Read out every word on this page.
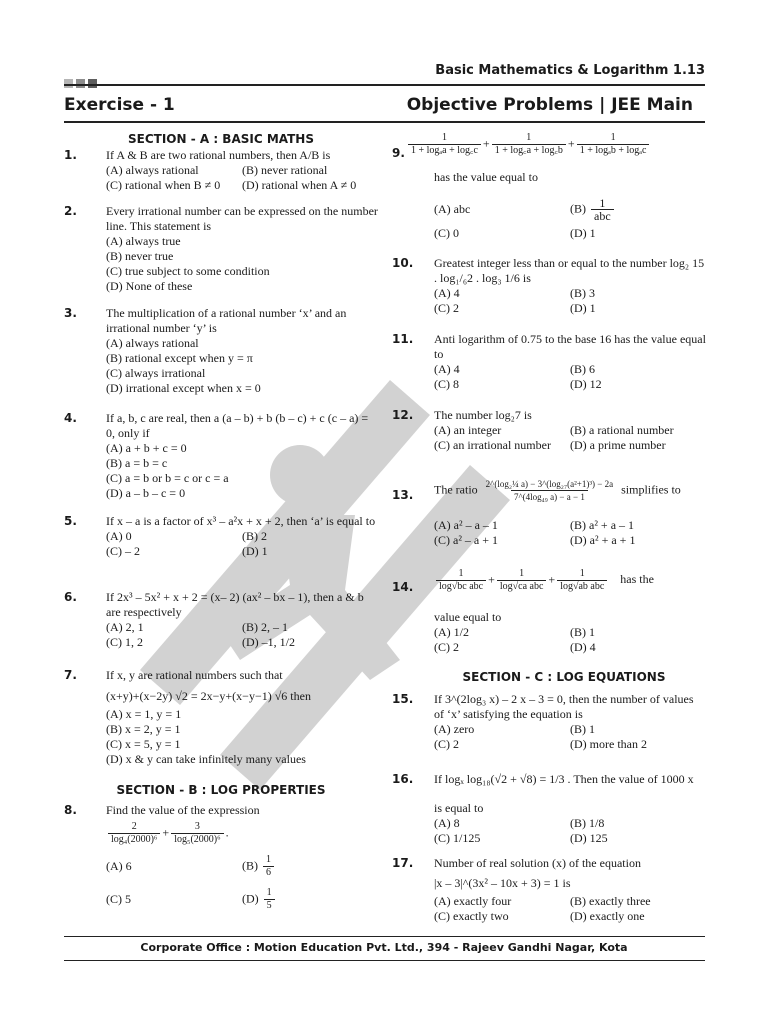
Basic Mathematics & Logarithm 1.13
Exercise - 1	Objective Problems | JEE Main
SECTION - A : BASIC MATHS
1.	If A & B are two rational numbers, then A/B is
(A) always rational	(B) never rational
(C) rational when B ≠ 0	(D) rational when A ≠ 0
2.	Every irrational number can be expressed on the number line. This statement is
(A) always true
(B) never true
(C) true subject to some condition
(D) None of these
3.	The multiplication of a rational number ‘x’ and an irrational number ‘y’ is
(A) always rational
(B) rational except when y = π
(C) always irrational
(D) irrational except when x = 0
4.	If a, b, c are real, then a (a – b) + b (b – c) + c (c – a) = 0, only if
(A) a + b + c = 0
(B) a = b = c
(C) a = b or b = c or c = a
(D) a – b – c = 0
5.	If x – a is a factor of x³ – a²x + x + 2, then ‘a’ is equal to
(A) 0	(B) 2
(C) – 2	(D) 1
6.	If 2x³ – 5x² + x + 2 = (x– 2) (ax² – bx – 1), then a & b are respectively
(A) 2, 1	(B) 2, – 1
(C) 1, 2	(D) –1, 1/2
7.	If x, y are rational numbers such that
(x+y)+(x−2y) √2 = 2x−y+(x−y−1) √6 then
(A) x = 1, y = 1
(B) x = 2, y = 1
(C) x = 5, y = 1
(D) x & y can take infinitely many values
SECTION - B : LOG PROPERTIES
8.	Find the value of the expression
$\frac{2}{\text{log₄(2000)⁶}} + \frac{3}{\text{log₅(2000)⁶}}$ .
(A) 6	$(B) \frac{1}{6}$
(C) 5	$(D) \frac{1}{5}$
9. $\frac{1}{\text{1 + logₐa + log꜀c}} + \frac{1}{1 + \log꜀a + \log꜀b} + \frac{1}{\text{1 + logₐb + logₐc}}$
has the value equal to
(A) abc	$(B) \frac{1}{\text{abc}}$
(C) 0	(D) 1
10.	Greatest integer less than or equal to the number log₂ 15 . log₁/₆2 . log₃ 1/6 is
(A) 4	(B) 3
(C) 2	(D) 1
11.	Anti logarithm of 0.75 to the base 16 has the value equal to
(A) 4	(B) 6
(C) 8	(D) 12
12.	The number log₂7 is
(A) an integer	(B) a rational number
(C) an irrational number	(D) a prime number
13.	The ratio $\frac{\text{2\textasciicircum{}(log₂¼ a) − 3\textasciicircum{}(log₂₇(a²+1)³) − 2a}}{\text{7\textasciicircum{}(4log₄₉ a) − a − 1}}$ simplifies to
(A) a² – a – 1	(B) a² + a – 1
(C) a² – a + 1	(D) a² + a + 1
14.	$\frac{1}{\text{log√bc abc}} + \frac{1}{\text{log√ca abc}} + \frac{1}{\text{log√ab abc}}$ has the
value equal to
(A) 1/2	(B) 1
(C) 2	(D) 4
SECTION - C : LOG EQUATIONS
15.	If 3^(2log₃ x) – 2 x – 3 = 0, then the number of values of ‘x’ satisfying the equation is
(A) zero	(B) 1
(C) 2	(D) more than 2
16.	If logₓ log₁₈(√2 + √8) = 1/3 . Then the value of 1000 x
is equal to
(A) 8	(B) 1/8
(C) 1/125	(D) 125
17.	Number of real solution (x) of the equation
|x – 3|^(3x² – 10x + 3) = 1 is
(A) exactly four	(B) exactly three
(C) exactly two	(D) exactly one
Corporate Office : Motion Education Pvt. Ltd., 394 - Rajeev Gandhi Nagar, Kota
